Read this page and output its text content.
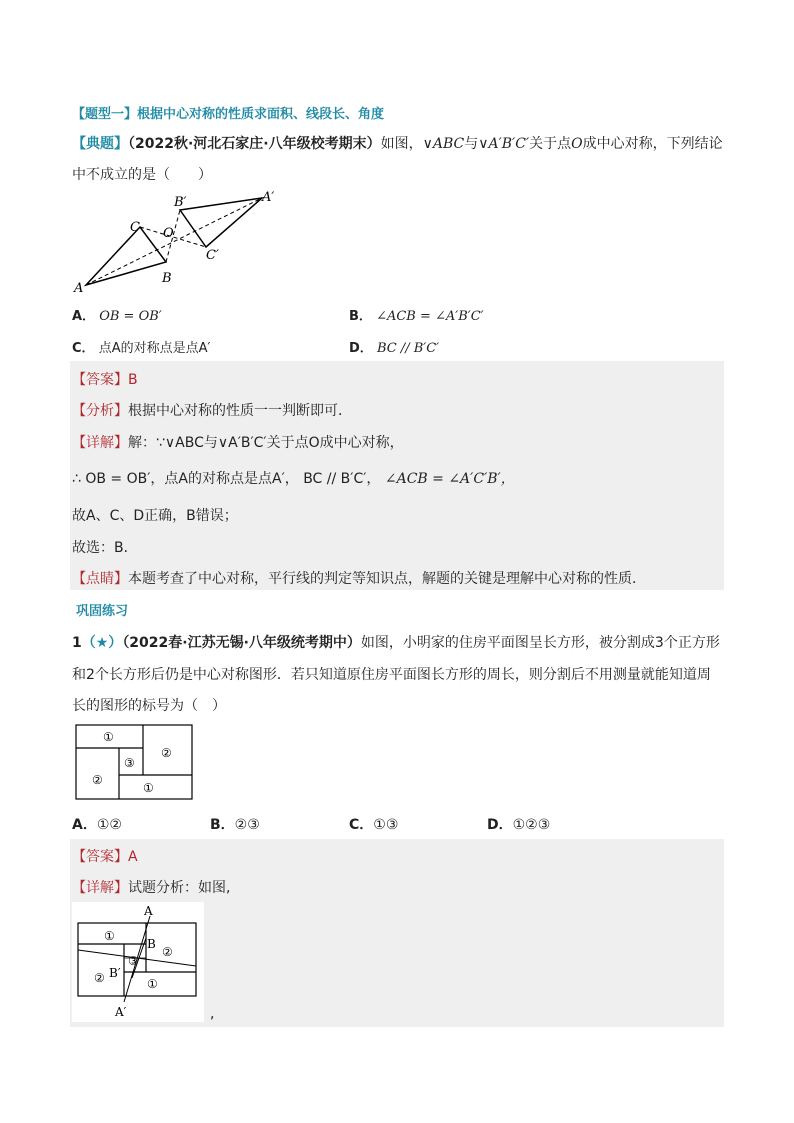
【题型一】根据中心对称的性质求面积、线段长、角度
【典题】（2022秋·河北石家庄·八年级校考期末）如图，∨ABC与∨A′B′C′关于点O成中心对称，下列结论
中不成立的是（　　）
A
B
C O
A′
B′
C′
A． OB = OB′	B． ∠ACB = ∠A′B′C′
C． 点A的对称点是点A′	D． BC // B′C′
【答案】B
【分析】根据中心对称的性质一一判断即可．
【详解】解：∵∨ABC与∨A′B′C′关于点O成中心对称，
∴ OB = OB′，点A的对称点是点A′， BC // B′C′， ∠ACB = ∠A′C′B′，
故A、C、D正确，B错误；
故选：B．
【点睛】本题考查了中心对称，平行线的判定等知识点，解题的关键是理解中心对称的性质．
巩固练习
1（★）（2022春·江苏无锡·八年级统考期中）如图，小明家的住房平面图呈长方形，被分割成3个正方形
和2个长方形后仍是中心对称图形．若只知道原住房平面图长方形的周长，则分割后不用测量就能知道周
长的图形的标号为（　）
①
②
③
②
①
A．①②	B．②③	C．①③	D．①②③
【答案】A
【详解】试题分析：如图,
A
A′
B
B′
①
②
③
②	①
,
